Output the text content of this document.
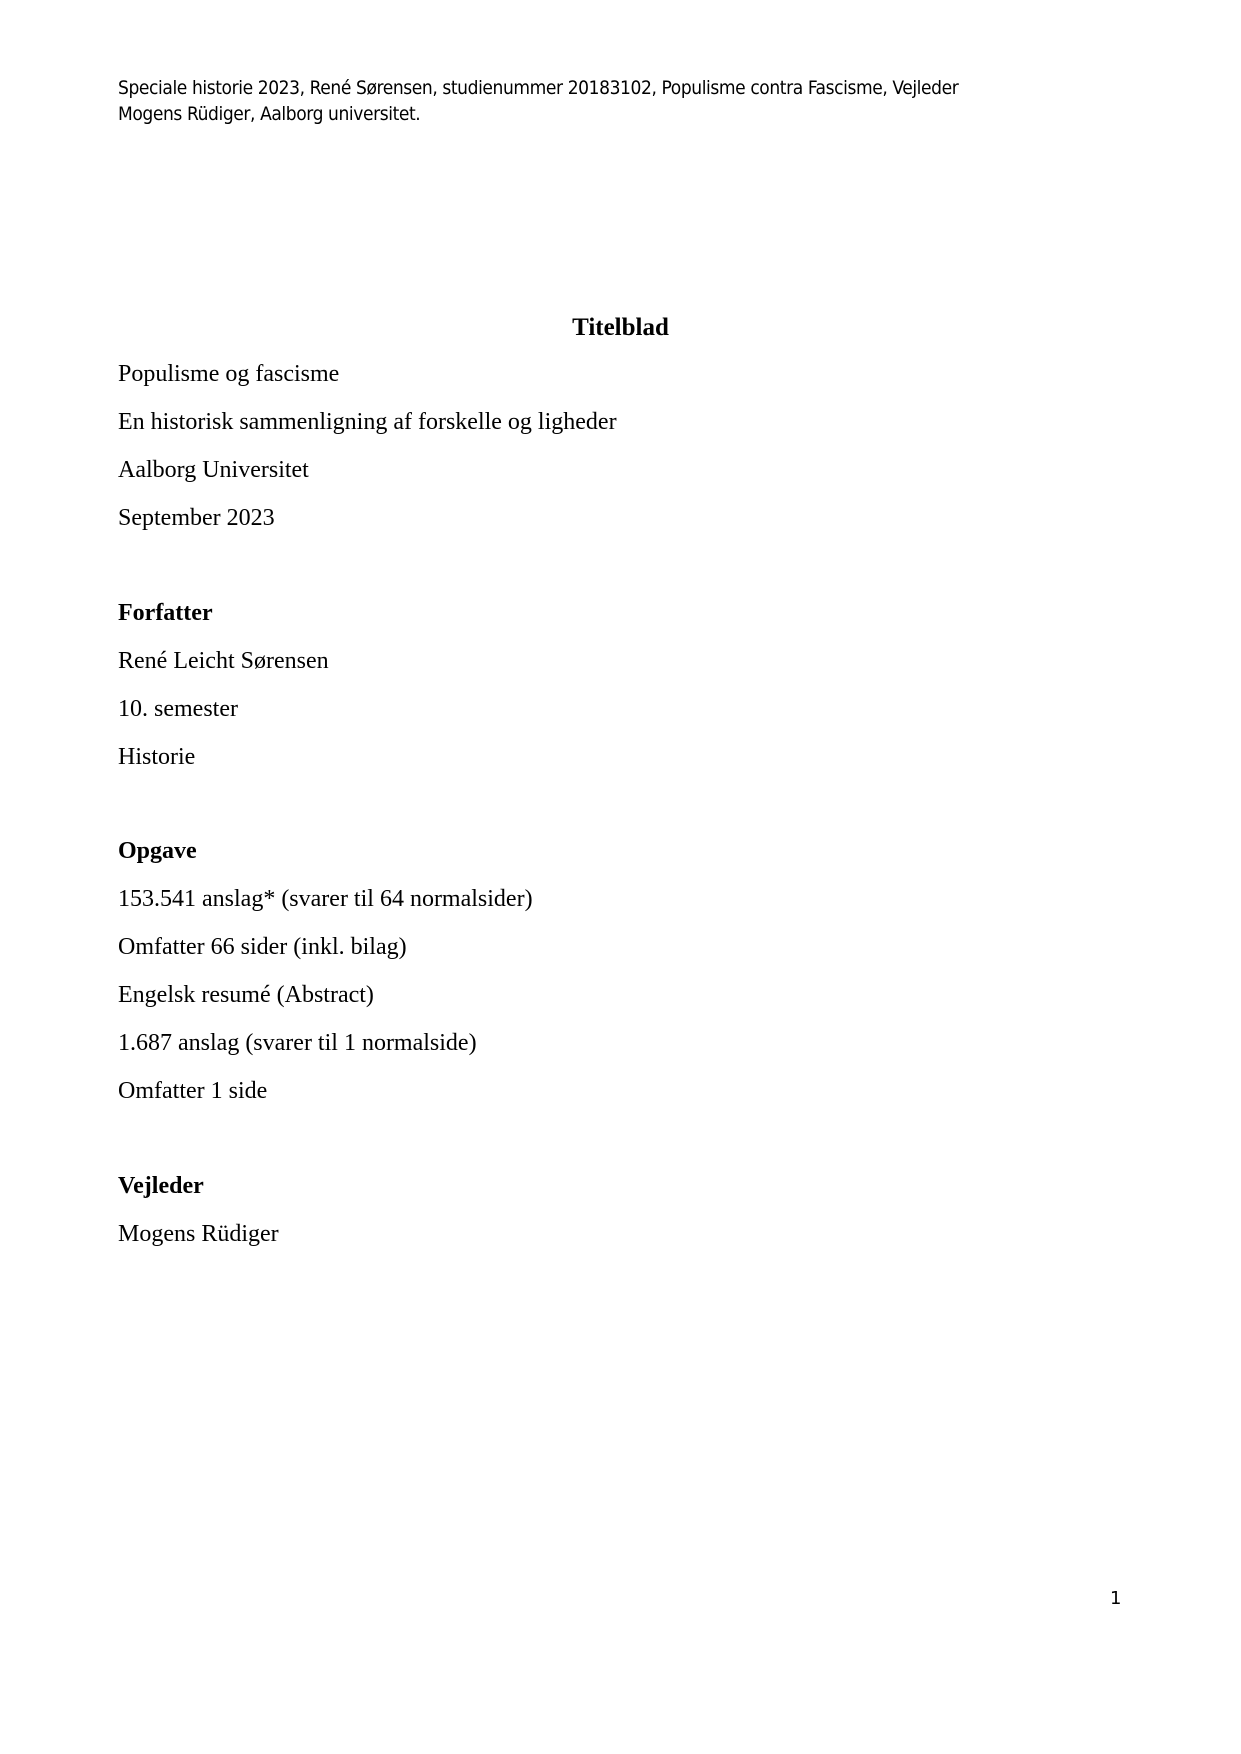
Speciale historie 2023, René Sørensen, studienummer 20183102, Populisme contra Fascisme, Vejleder
Mogens Rüdiger, Aalborg universitet.
Titelblad
Populisme og fascisme
En historisk sammenligning af forskelle og ligheder
Aalborg Universitet
September 2023
Forfatter
René Leicht Sørensen
10. semester
Historie
Opgave
153.541 anslag* (svarer til 64 normalsider)
Omfatter 66 sider (inkl. bilag)
Engelsk resumé (Abstract)
1.687 anslag (svarer til 1 normalside)
Omfatter 1 side
Vejleder
Mogens Rüdiger
1
